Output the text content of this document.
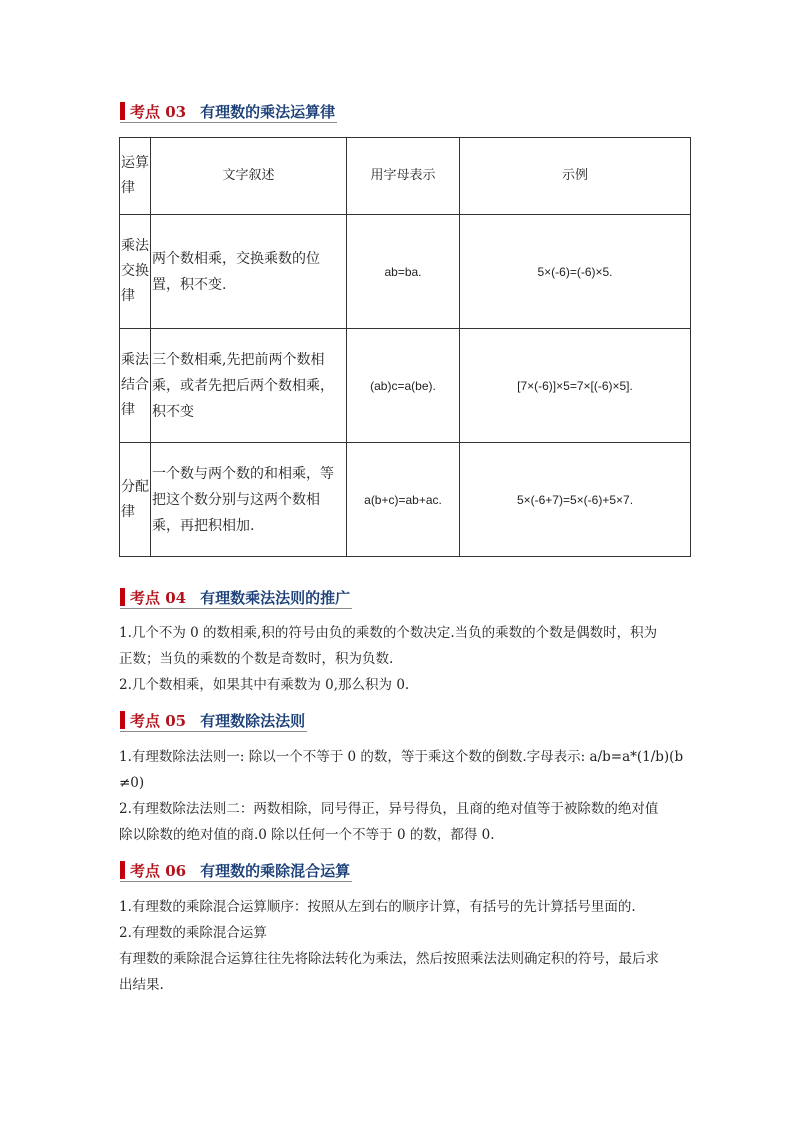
考点 03 有理数的乘法运算律
运算律	文字叙述	用字母表示	示例
乘法交换律	两个数相乘，交换乘数的位置，积不变.	ab=ba.	5×(-6)=(-6)×5.
乘法结合律	三个数相乘,先把前两个数相乘，或者先把后两个数相乘，积不变	(ab)c=a(be).	[7×(-6)]×5=7×[(-6)×5].
分配律	一个数与两个数的和相乘，等把这个数分别与这两个数相乘，再把积相加.	a(b+c)=ab+ac.	5×(-6+7)=5×(-6)+5×7.
考点 04 有理数乘法法则的推广

1.几个不为 0 的数相乘,积的符号由负的乘数的个数决定.当负的乘数的个数是偶数时，积为

正数；当负的乘数的个数是奇数时，积为负数.

2.几个数相乘，如果其中有乘数为 0,那么积为 0.

考点 05 有理数除法法则

1.有理数除法法则一: 除以一个不等于 0 的数，等于乘这个数的倒数.字母表示: a/b=a*(1/b)(b

≠0)

2.有理数除法法则二：两数相除，同号得正，异号得负，且商的绝对值等于被除数的绝对值

除以除数的绝对值的商.0 除以任何一个不等于 0 的数，都得 0.

考点 06 有理数的乘除混合运算

1.有理数的乘除混合运算顺序：按照从左到右的顺序计算，有括号的先计算括号里面的.

2.有理数的乘除混合运算

有理数的乘除混合运算往往先将除法转化为乘法，然后按照乘法法则确定积的符号，最后求

出结果.
